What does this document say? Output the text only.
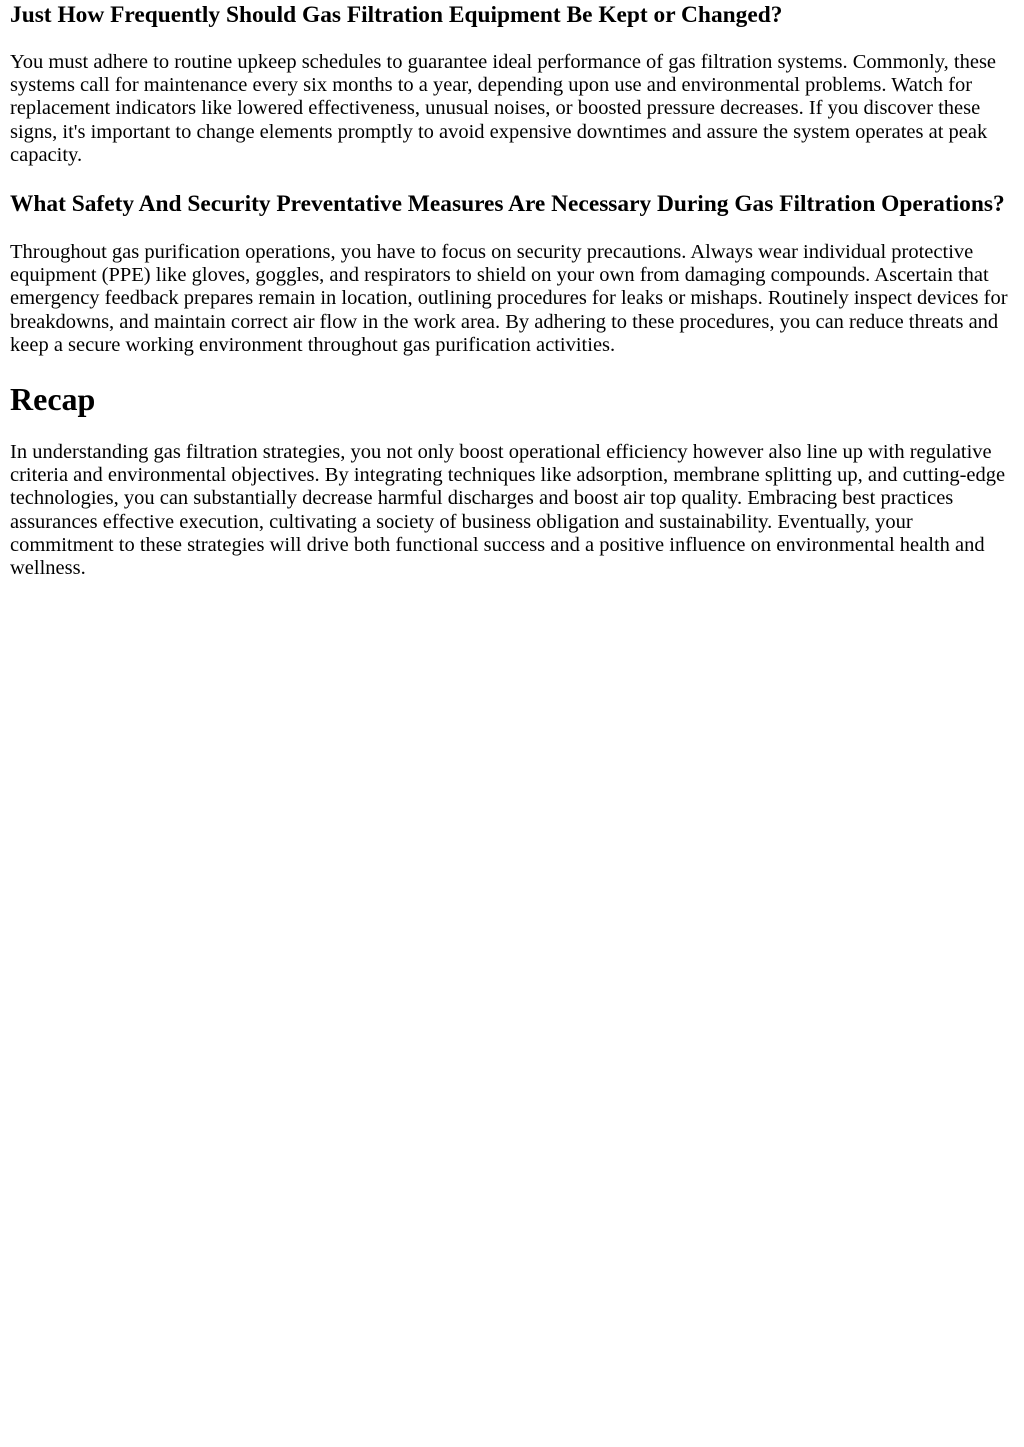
Just How Frequently Should Gas Filtration Equipment Be Kept or Changed?

You must adhere to routine upkeep schedules to guarantee ideal performance of gas filtration systems. Commonly, these systems call for maintenance every six months to a year, depending upon use and environmental problems. Watch for replacement indicators like lowered effectiveness, unusual noises, or boosted pressure decreases. If you discover these signs, it's important to change elements promptly to avoid expensive downtimes and assure the system operates at peak capacity.

What Safety And Security Preventative Measures Are Necessary During Gas Filtration Operations?

Throughout gas purification operations, you have to focus on security precautions. Always wear individual protective equipment (PPE) like gloves, goggles, and respirators to shield on your own from damaging compounds. Ascertain that emergency feedback prepares remain in location, outlining procedures for leaks or mishaps. Routinely inspect devices for breakdowns, and maintain correct air flow in the work area. By adhering to these procedures, you can reduce threats and keep a secure working environment throughout gas purification activities.

Recap

In understanding gas filtration strategies, you not only boost operational efficiency however also line up with regulative criteria and environmental objectives. By integrating techniques like adsorption, membrane splitting up, and cutting-edge technologies, you can substantially decrease harmful discharges and boost air top quality. Embracing best practices assurances effective execution, cultivating a society of business obligation and sustainability. Eventually, your commitment to these strategies will drive both functional success and a positive influence on environmental health and wellness.
